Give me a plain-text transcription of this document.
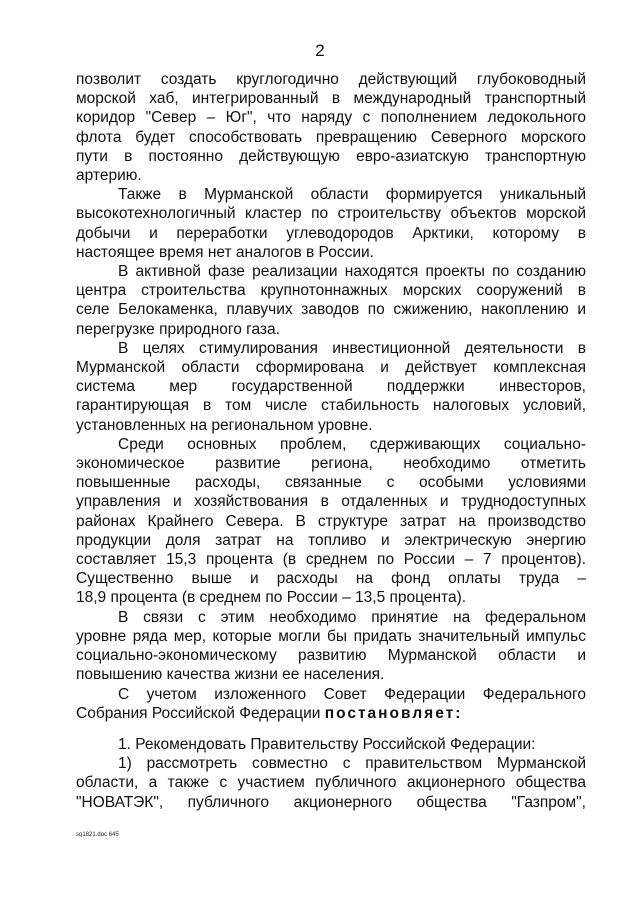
2
позволит создать круглогодично действующий глубоководный
морской хаб, интегрированный в международный транспортный
коридор "Север – Юг", что наряду с пополнением ледокольного
флота будет способствовать превращению Северного морского
пути в постоянно действующую евро-азиатскую транспортную
артерию.
Также в Мурманской области формируется уникальный
высокотехнологичный кластер по строительству объектов морской
добычи и переработки углеводородов Арктики, которому в
настоящее время нет аналогов в России.
В активной фазе реализации находятся проекты по созданию
центра строительства крупнотоннажных морских сооружений в
селе Белокаменка, плавучих заводов по сжижению, накоплению и
перегрузке природного газа.
В целях стимулирования инвестиционной деятельности в
Мурманской области сформирована и действует комплексная
система мер государственной поддержки инвесторов,
гарантирующая в том числе стабильность налоговых условий,
установленных на региональном уровне.
Среди основных проблем, сдерживающих социально-
экономическое развитие региона, необходимо отметить
повышенные расходы, связанные с особыми условиями
управления и хозяйствования в отдаленных и труднодоступных
районах Крайнего Севера. В структуре затрат на производство
продукции доля затрат на топливо и электрическую энергию
составляет 15,3 процента (в среднем по России – 7 процентов).
Существенно выше и расходы на фонд оплаты труда –
18,9 процента (в среднем по России – 13,5 процента).
В связи с этим необходимо принятие на федеральном
уровне ряда мер, которые могли бы придать значительный импульс
социально-экономическому развитию Мурманской области и
повышению качества жизни ее населения.
С учетом изложенного Совет Федерации Федерального
Собрания Российской Федерации постановляет:
1. Рекомендовать Правительству Российской Федерации:
1) рассмотреть совместно с правительством Мурманской
области, а также с участием публичного акционерного общества
"НОВАТЭК", публичного акционерного общества "Газпром",
sq1821.doc 645
